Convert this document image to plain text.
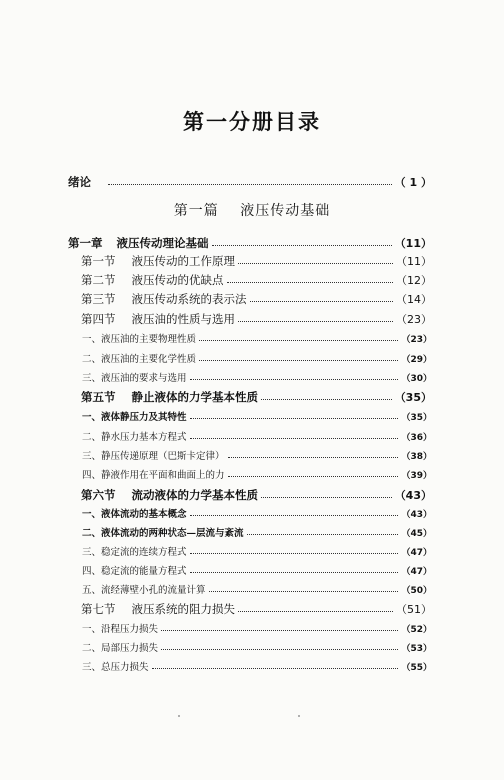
第一分册目录
第一篇 液压传动基础
绪论	（ 1 ）
第一章 液压传动理论基础	（11）
第一节 液压传动的工作原理	（11）
第二节 液压传动的优缺点	（12）
第三节 液压传动系统的表示法	（14）
第四节 液压油的性质与选用	（23）
一、液压油的主要物理性质	（23）
二、液压油的主要化学性质	（29）
三、液压油的要求与选用	（30）
第五节 静止液体的力学基本性质	（35）
一、液体静压力及其特性	（35）
二、静水压力基本方程式	（36）
三、静压传递原理（巴斯卡定律）	（38）
四、静液作用在平面和曲面上的力	（39）
第六节 流动液体的力学基本性质	（43）
一、液体流动的基本概念	（43）
二、液体流动的两种状态—层流与紊流	（45）
三、稳定流的连续方程式	（47）
四、稳定流的能量方程式	（47）
五、流经薄壁小孔的流量计算	（50）
第七节 液压系统的阻力损失	（51）
一、沿程压力损失	（52）
二、局部压力损失	（53）
三、总压力损失	（55）
